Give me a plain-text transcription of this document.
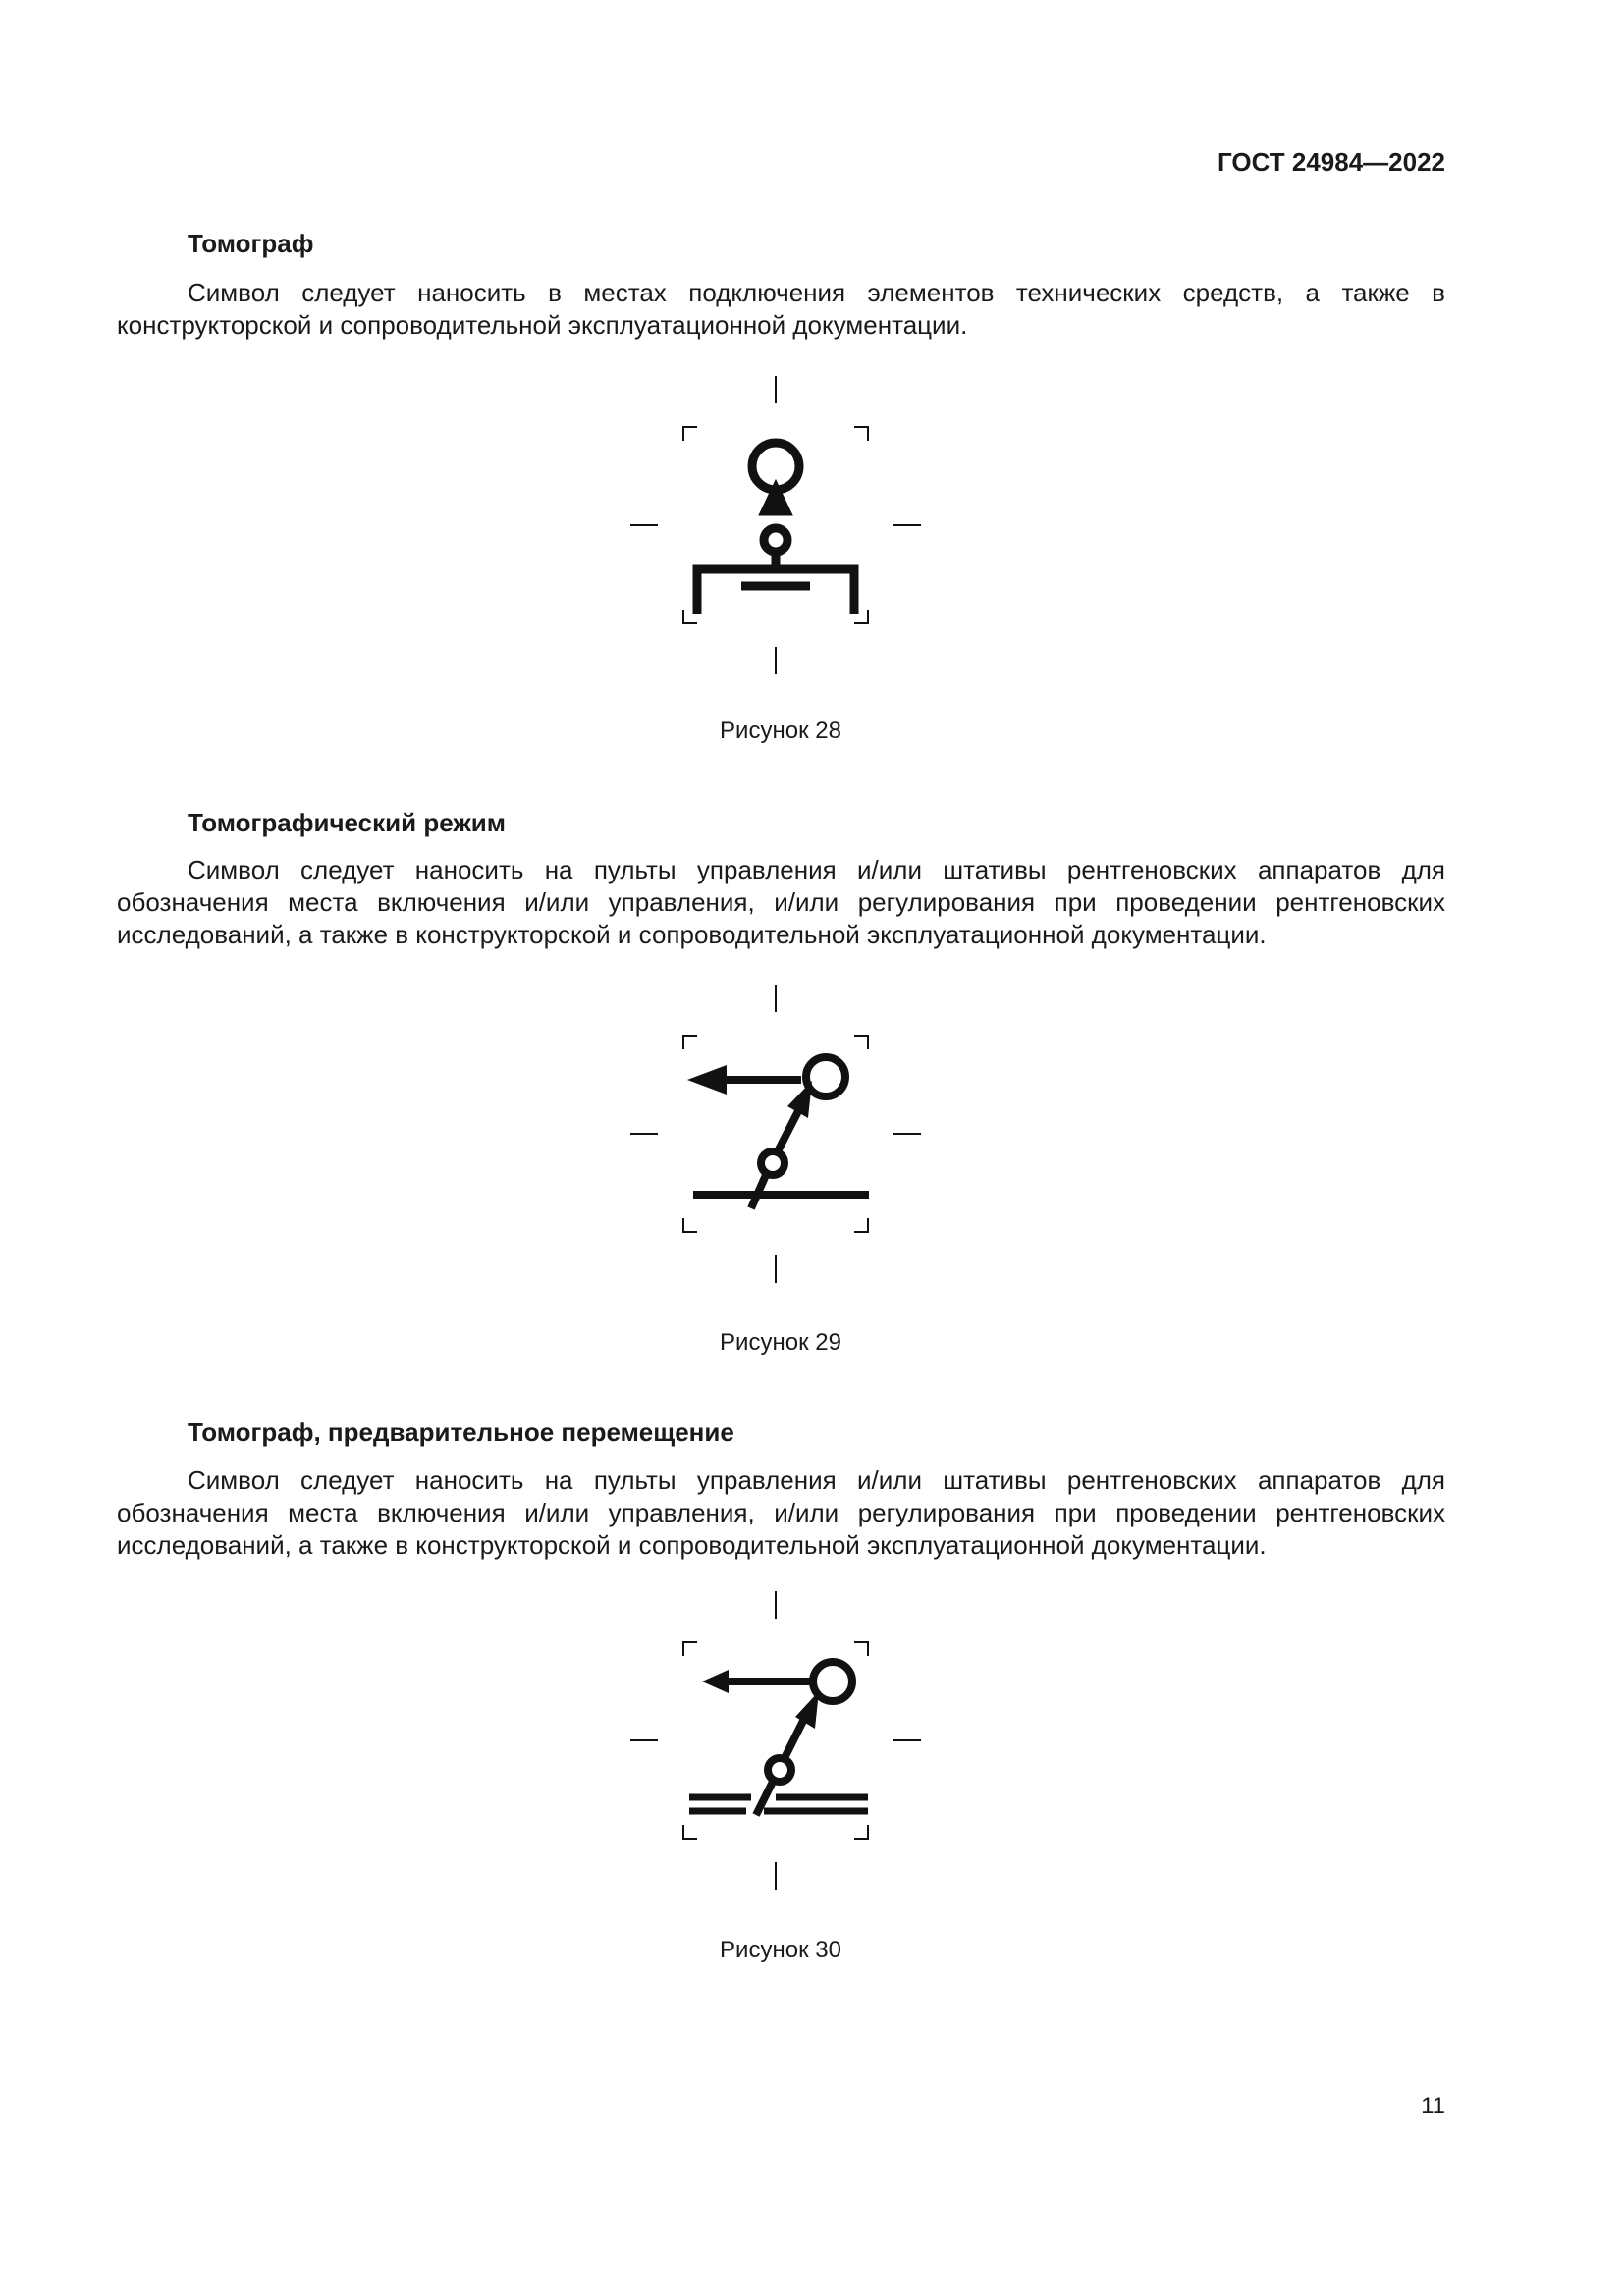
ГОСТ 24984—2022
Томограф

Символ следует наносить в местах подключения элементов технических средств, а также в конструкторской и сопроводительной эксплуатационной документации.

Рисунок 28
Томографический режим

Символ следует наносить на пульты управления и/или штативы рентгеновских аппаратов для обозначения места включения и/или управления, и/или регулирования при проведении рентгеновских исследований, а также в конструкторской и сопроводительной эксплуатационной документации.

Рисунок 29
Томограф, предварительное перемещение

Символ следует наносить на пульты управления и/или штативы рентгеновских аппаратов для обозначения места включения и/или управления, и/или регулирования при проведении рентгеновских исследований, а также в конструкторской и сопроводительной эксплуатационной документации.

Рисунок 30
11
